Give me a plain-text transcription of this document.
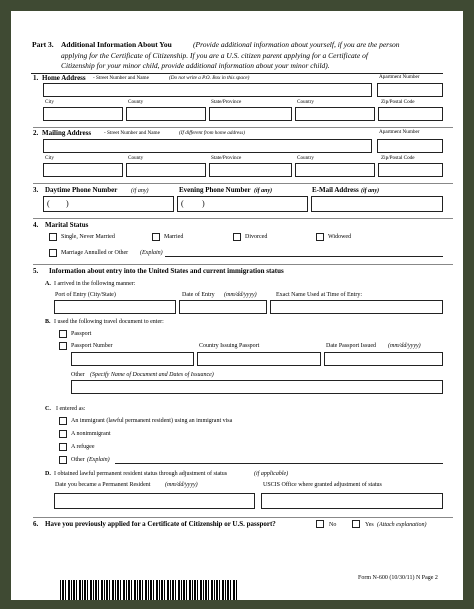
Part 3. Additional Information About You	(Provide additional information about yourself, if you are the person
applying for the Certificate of Citizenship. If you are a U.S. citizen parent applying for a Certificate of
Citizenship for your minor child, provide additional information about your minor child).
1. Home Address - Street Number and Name	(Do not write a P.O. Box in this space)	Apartment Number
City	County	State/Province	Country	Zip/Postal Code
2. Mailing Address - Street Number and Name	(If different from home address)	Apartment Number
City	County	State/Province	Country	Zip/Postal Code
3. Daytime Phone Number (if any)	Evening Phone Number (if any)	E-Mail Address (if any)
( )	( )
4. Marital Status
Single, Never Married	Married	Divorced	Widowed
Marriage Annulled or Other (Explain)
5. Information about entry into the United States and current immigration status
A. I arrived in the following manner:
Port of Entry (City/State)	Date of Entry (mm/dd/yyyy)	Exact Name Used at Time of Entry:
B. I used the following travel document to enter:
Passport
Passport Number	Country Issuing Passport	Date Passport Issued (mm/dd/yyyy)
Other (Specify Name of Document and Dates of Issuance)
C. I entered as:
An immigrant (lawful permanent resident) using an immigrant visa
A nonimmigrant
A refugee
Other (Explain)
D. I obtained lawful permanent resident status through adjustment of status	(if applicable)
Date you became a Permanent Resident (mm/dd/yyyy)	USCIS Office where granted adjustment of status
6. Have you previously applied for a Certificate of Citizenship or U.S. passport?	No	Yes (Attach explanation)
Form N-600 (10/30/11) N Page 2
